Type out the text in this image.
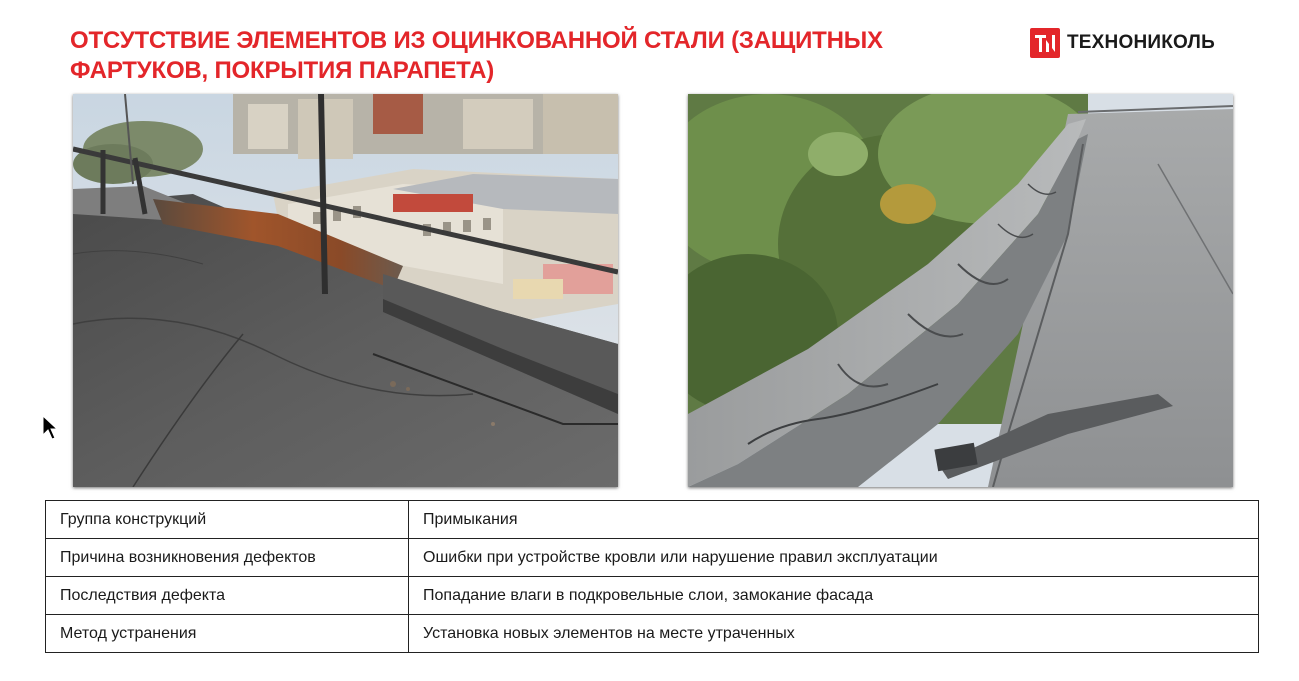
ОТСУТСТВИЕ ЭЛЕМЕНТОВ ИЗ ОЦИНКОВАННОЙ СТАЛИ (ЗАЩИТНЫХ ФАРТУКОВ, ПОКРЫТИЯ ПАРАПЕТА)
ТЕХНОНИКОЛЬ
Группа конструкций	Примыкания
Причина возникновения дефектов	Ошибки при устройстве кровли или нарушение правил эксплуатации
Последствия дефекта	Попадание влаги в подкровельные слои, замокание фасада
Метод устранения	Установка новых элементов на месте утраченных
